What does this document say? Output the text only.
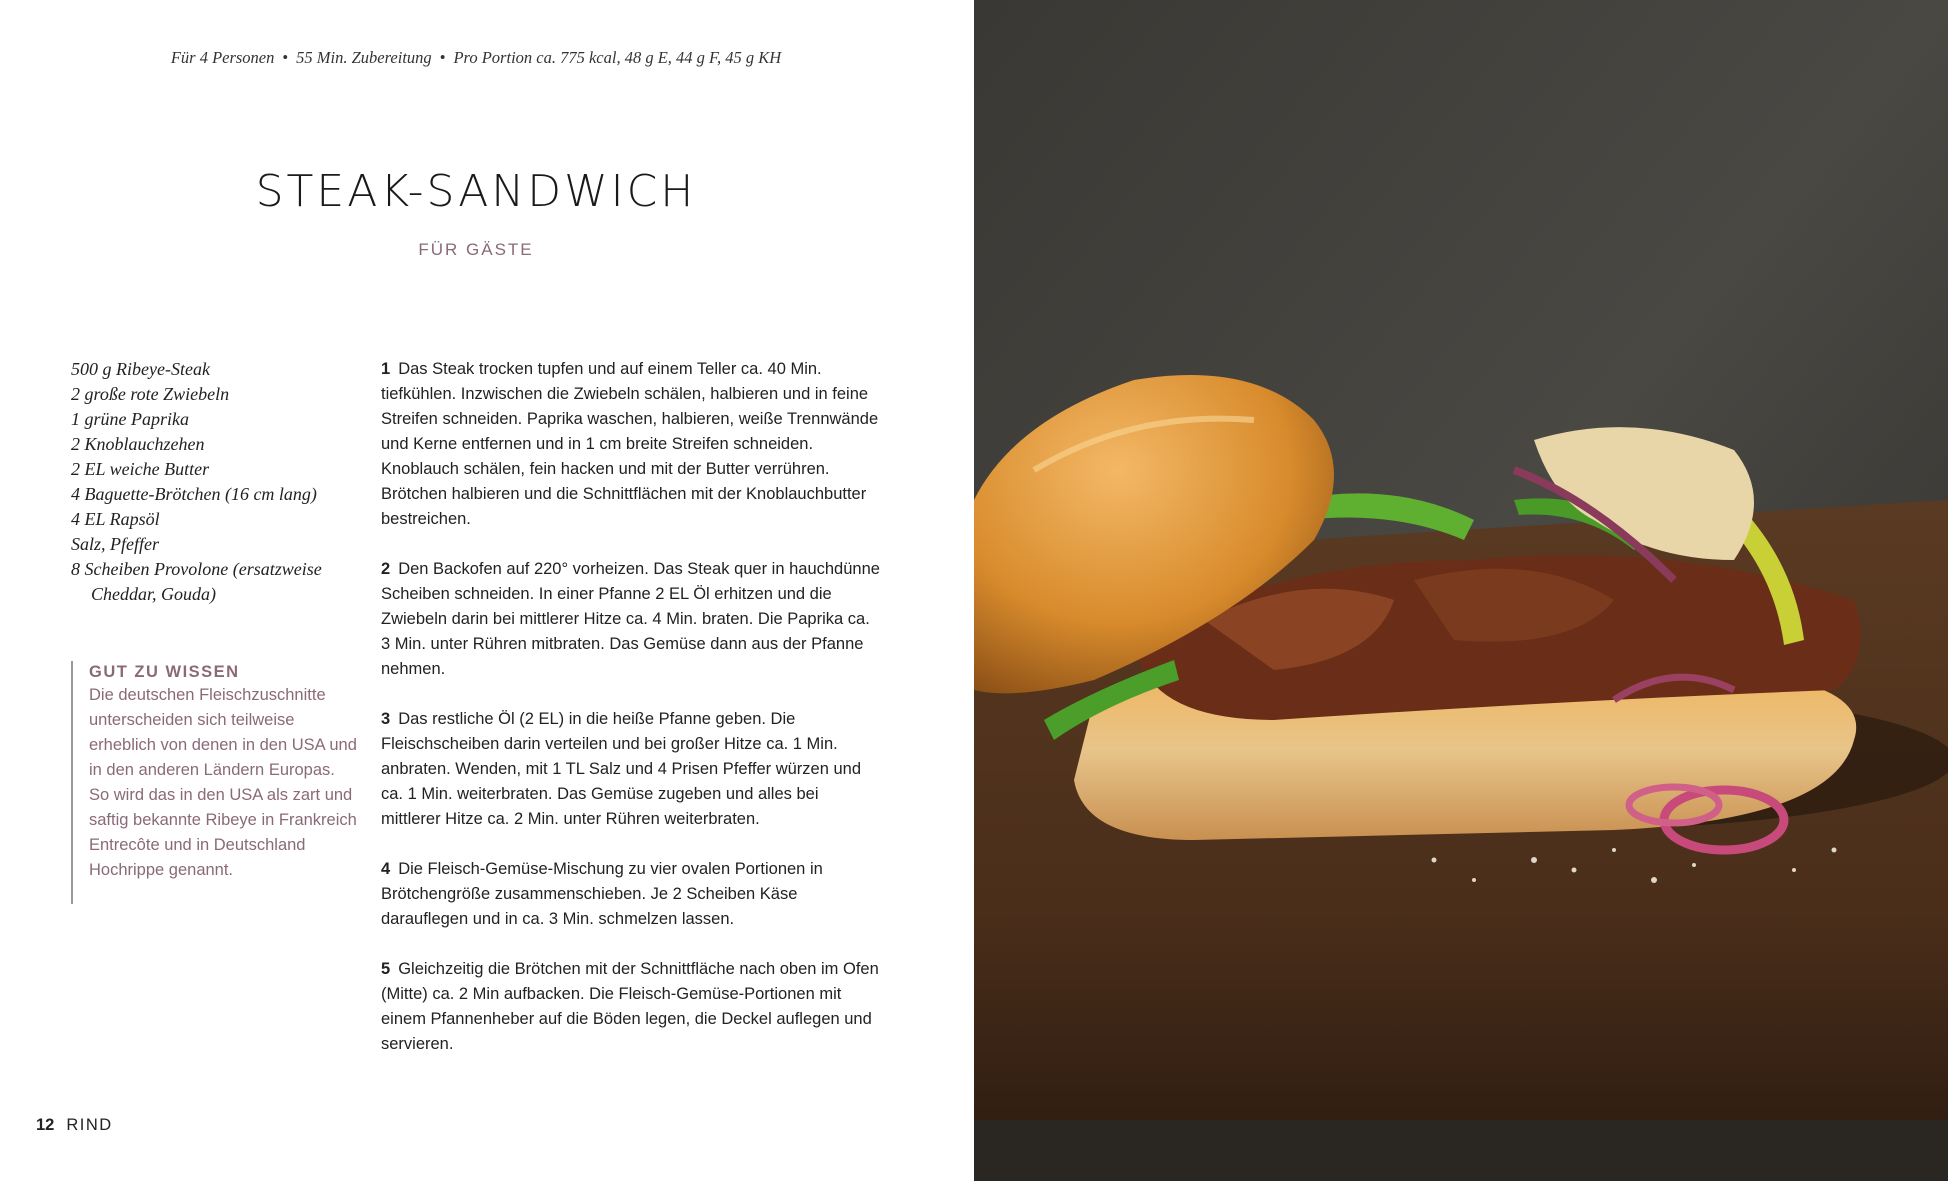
Für 4 Personen • 55 Min. Zubereitung • Pro Portion ca. 775 kcal, 48 g E, 44 g F, 45 g KH
STEAK-SANDWICH
FÜR GÄSTE
500 g Ribeye-Steak
2 große rote Zwiebeln
1 grüne Paprika
2 Knoblauchzehen
2 EL weiche Butter
4 Baguette-Brötchen (16 cm lang)
4 EL Rapsöl
Salz, Pfeffer
8 Scheiben Provolone (ersatzweise
Cheddar, Gouda)
GUT ZU WISSEN
Die deutschen Fleischzuschnitte unterscheiden sich teilweise erheblich von denen in den USA und in den anderen Ländern Europas. So wird das in den USA als zart und saftig bekannte Ribeye in Frankreich Entrecôte und in Deutschland Hochrippe genannt.

1 Das Steak trocken tupfen und auf einem Teller ca. 40 Min. tiefkühlen. Inzwischen die Zwiebeln schälen, halbieren und in feine Streifen schneiden. Paprika waschen, halbieren, weiße Trennwände und Kerne entfernen und in 1 cm breite Streifen schneiden. Knoblauch schälen, fein hacken und mit der Butter verrühren. Brötchen halbieren und die Schnittflächen mit der Knoblauchbutter bestreichen.

2 Den Backofen auf 220° vorheizen. Das Steak quer in hauchdünne Scheiben schneiden. In einer Pfanne 2 EL Öl erhitzen und die Zwiebeln darin bei mittlerer Hitze ca. 4 Min. braten. Die Paprika ca. 3 Min. unter Rühren mitbraten. Das Gemüse dann aus der Pfanne nehmen.

3 Das restliche Öl (2 EL) in die heiße Pfanne geben. Die Fleischscheiben darin verteilen und bei großer Hitze ca. 1 Min. anbraten. Wenden, mit 1 TL Salz und 4 Prisen Pfeffer würzen und ca. 1 Min. weiterbraten. Das Gemüse zugeben und alles bei mittlerer Hitze ca. 2 Min. unter Rühren weiterbraten.

4 Die Fleisch-Gemüse-Mischung zu vier ovalen Portionen in Brötchengröße zusammenschieben. Je 2 Scheiben Käse darauflegen und in ca. 3 Min. schmelzen lassen.

5 Gleichzeitig die Brötchen mit der Schnittfläche nach oben im Ofen (Mitte) ca. 2 Min aufbacken. Die Fleisch-Gemüse-Portionen mit einem Pfannenheber auf die Böden legen, die Deckel auflegen und servieren.

12 RIND
